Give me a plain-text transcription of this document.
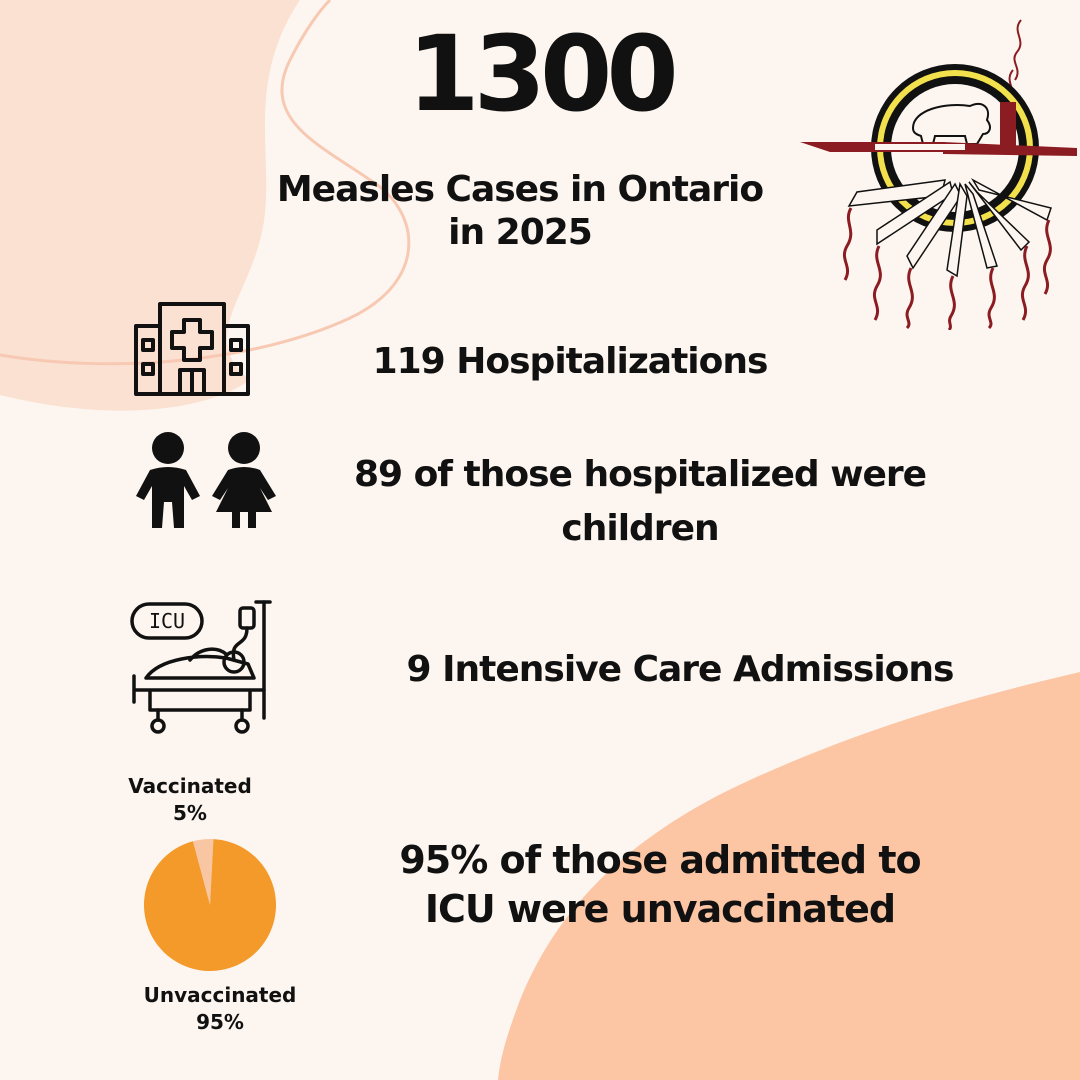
1300
Measles Cases in Ontario
in 2025
119 Hospitalizations
89 of those hospitalized were
children
ICU
9 Intensive Care Admissions
Vaccinated
5%
Unvaccinated
95%
95% of those admitted to
ICU were unvaccinated
